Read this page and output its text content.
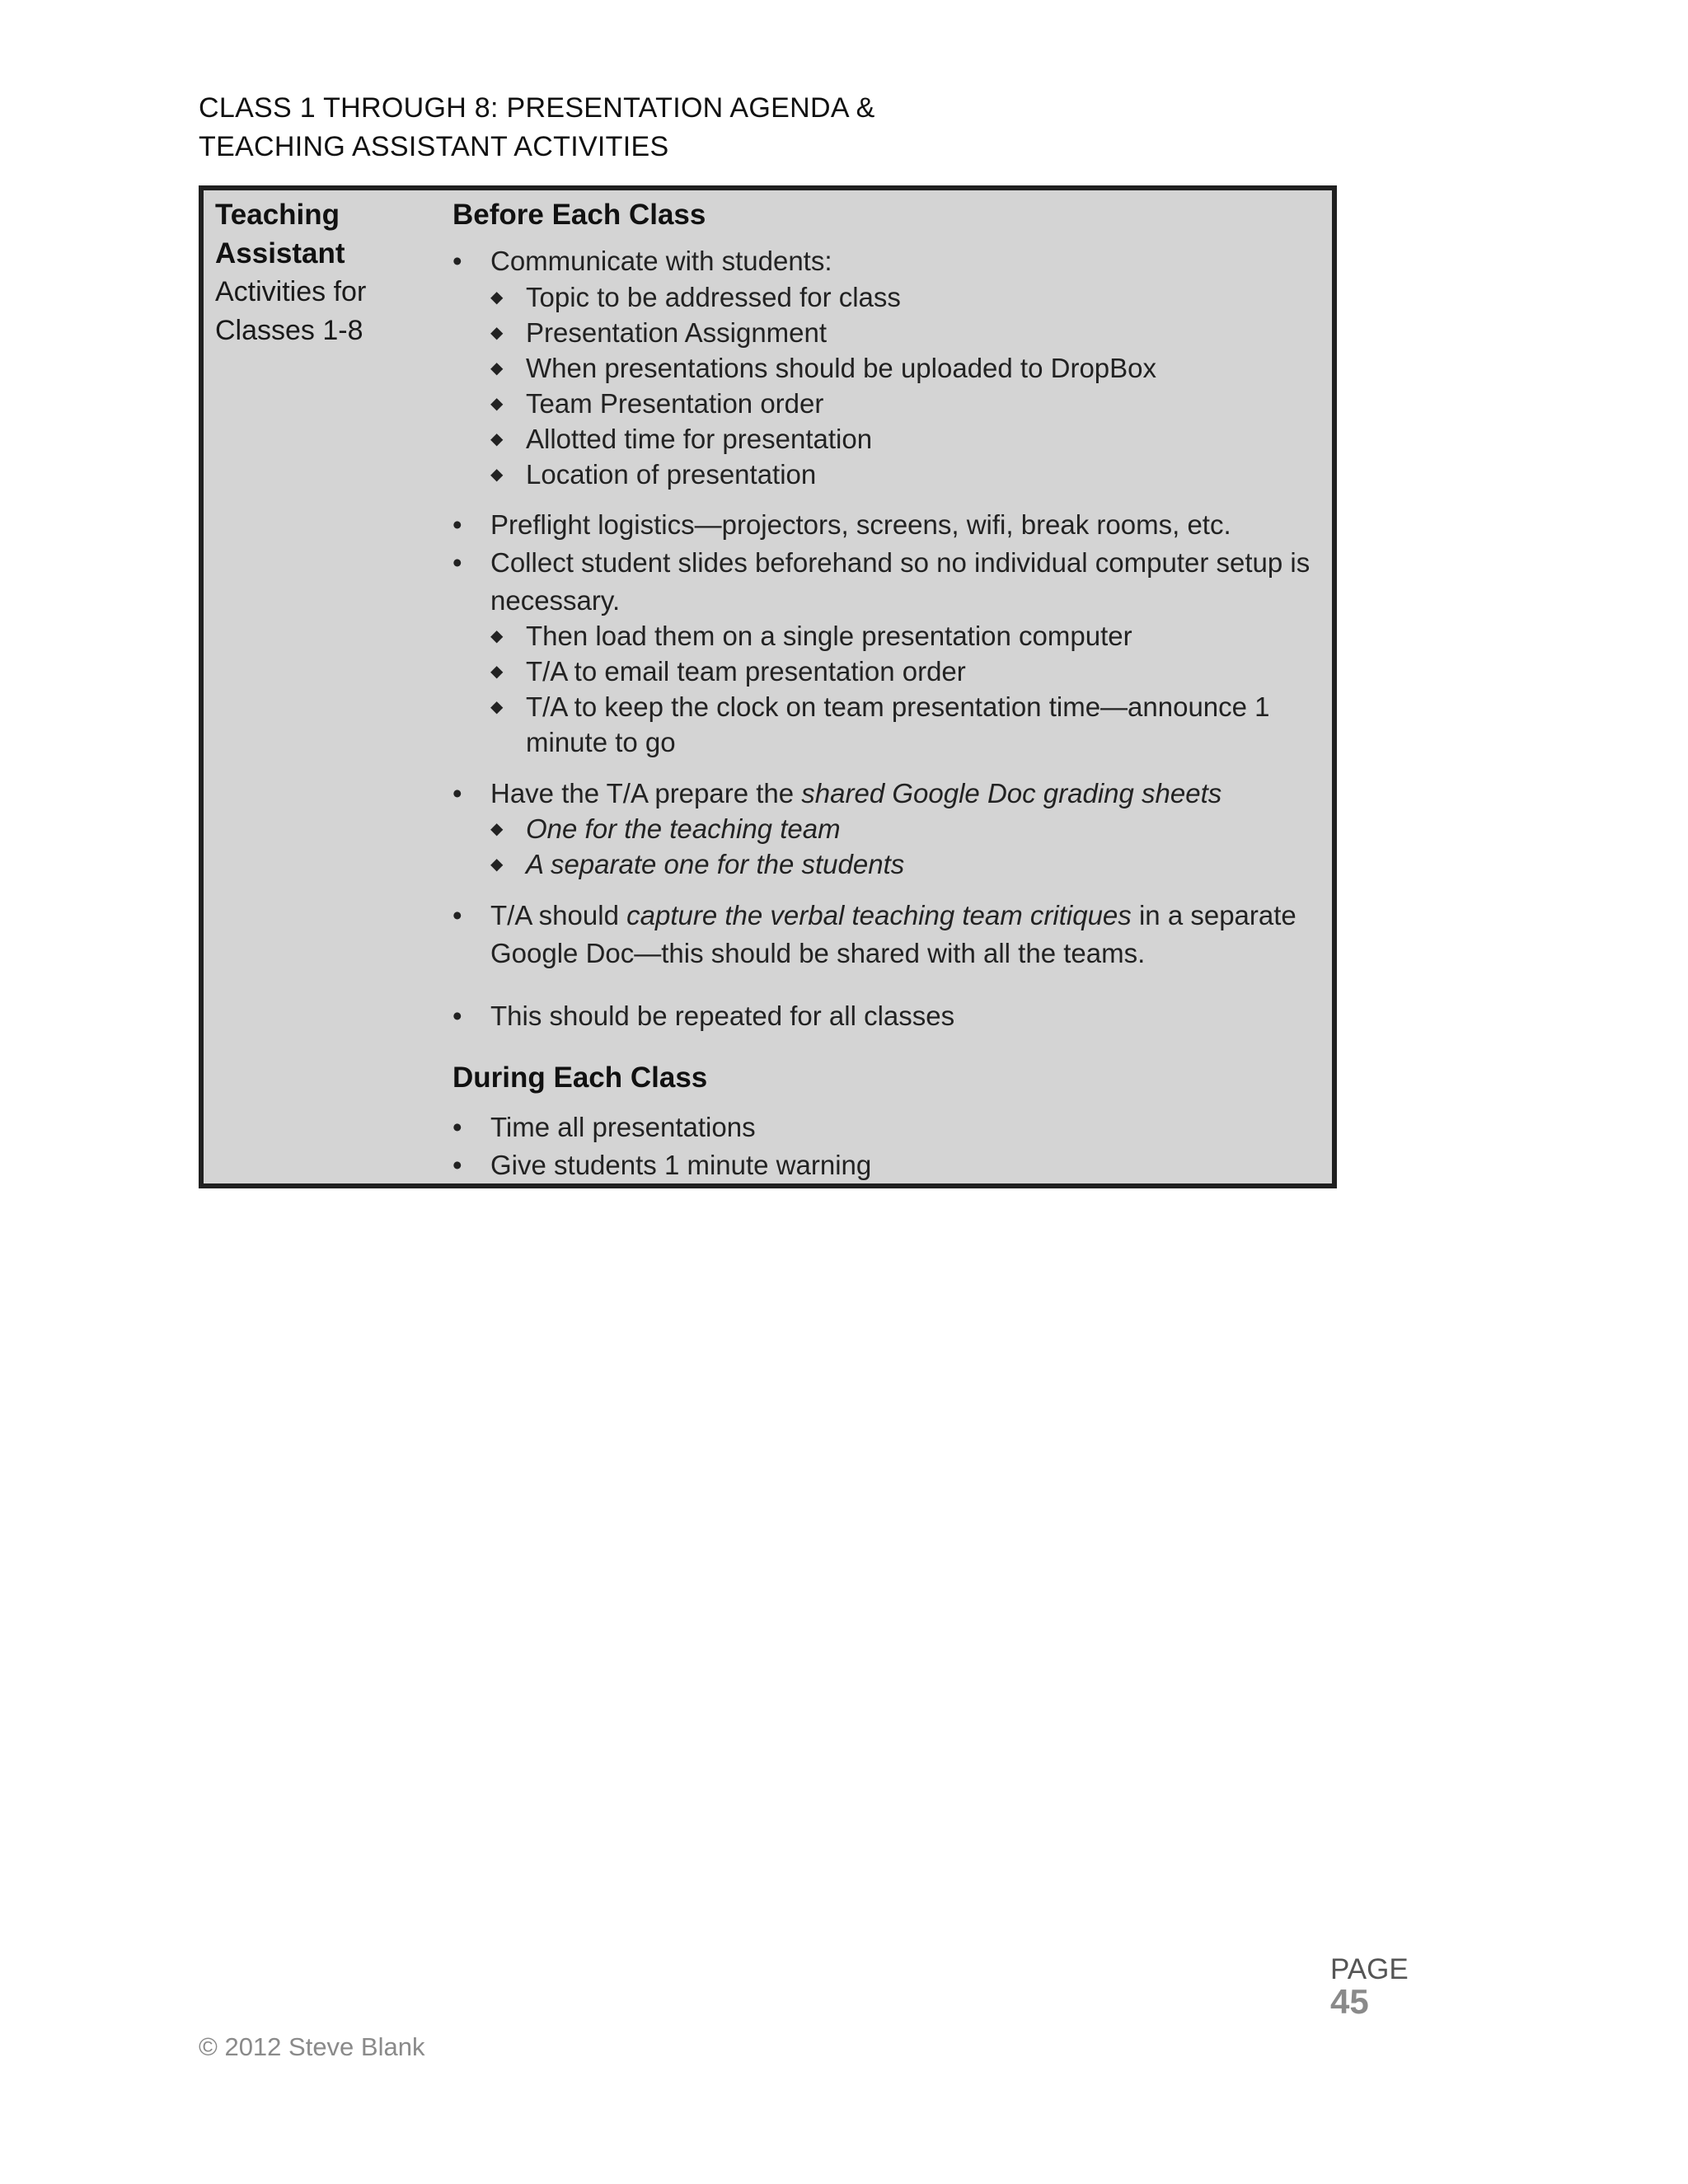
CLASS 1 THROUGH 8: PRESENTATION AGENDA &
TEACHING ASSISTANT ACTIVITIES
Teaching
Assistant
Activities for
Classes 1-8
Before Each Class
• Communicate with students:
◆ Topic to be addressed for class
◆ Presentation Assignment
◆ When presentations should be uploaded to DropBox
◆ Team Presentation order
◆ Allotted time for presentation
◆ Location of presentation
• Preflight logistics—projectors, screens, wifi, break rooms, etc.
• Collect student slides beforehand so no individual computer setup is
necessary.
◆ Then load them on a single presentation computer
◆ T/A to email team presentation order
◆ T/A to keep the clock on team presentation time—announce 1
minute to go
• Have the T/A prepare the shared Google Doc grading sheets
◆ One for the teaching team
◆ A separate one for the students
• T/A should capture the verbal teaching team critiques in a separate
Google Doc—this should be shared with all the teams.
• This should be repeated for all classes
During Each Class
• Time all presentations
• Give students 1 minute warning
PAGE
45
© 2012 Steve Blank
